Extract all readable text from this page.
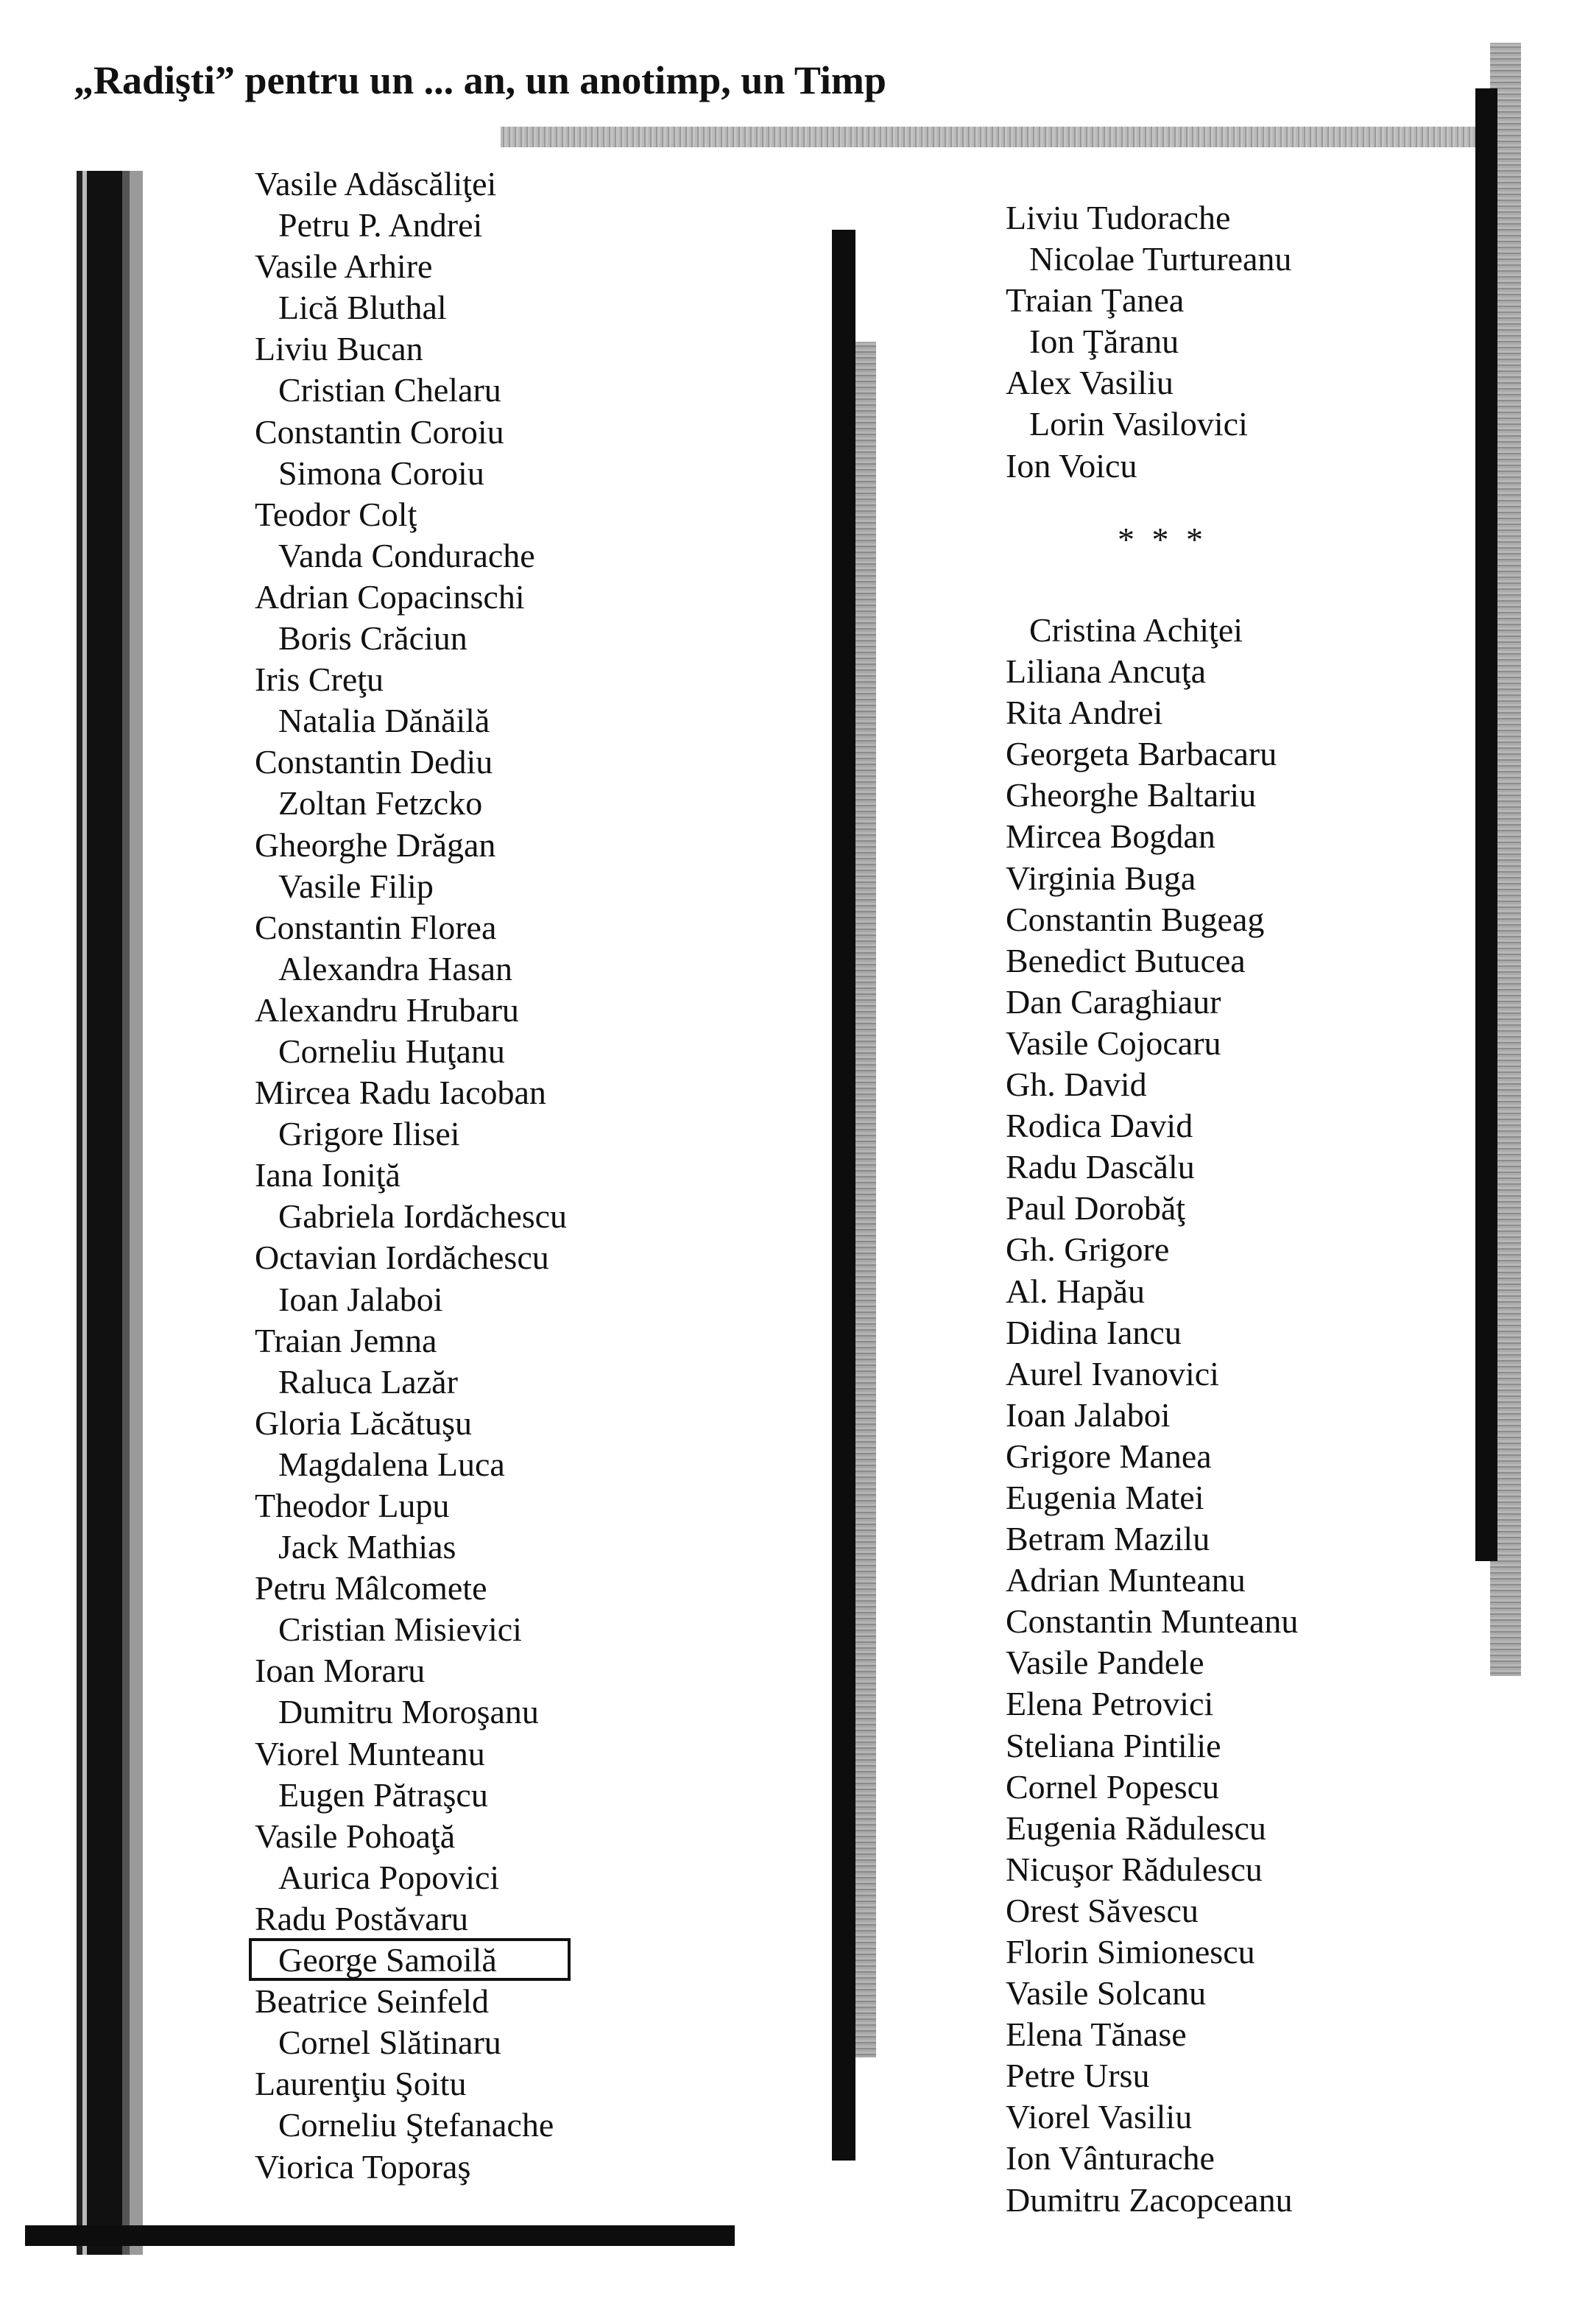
„Radişti” pentru un ... an, un anotimp, un Timp
Vasile Adăscăliţei
Petru P. Andrei
Vasile Arhire
Lică Bluthal
Liviu Bucan
Cristian Chelaru
Constantin Coroiu
Simona Coroiu
Teodor Colţ
Vanda Condurache
Adrian Copacinschi
Boris Crăciun
Iris Creţu
Natalia Dănăilă
Constantin Dediu
Zoltan Fetzcko
Gheorghe Drăgan
Vasile Filip
Constantin Florea
Alexandra Hasan
Alexandru Hrubaru
Corneliu Huţanu
Mircea Radu Iacoban
Grigore Ilisei
Iana Ioniţă
Gabriela Iordăchescu
Octavian Iordăchescu
Ioan Jalaboi
Traian Jemna
Raluca Lazăr
Gloria Lăcătuşu
Magdalena Luca
Theodor Lupu
Jack Mathias
Petru Mâlcomete
Cristian Misievici
Ioan Moraru
Dumitru Moroşanu
Viorel Munteanu
Eugen Pătraşcu
Vasile Pohoaţă
Aurica Popovici
Radu Postăvaru
George Samoilă
Beatrice Seinfeld
Cornel Slătinaru
Laurenţiu Şoitu
Corneliu Ştefanache
Viorica Toporaş
Liviu Tudorache
Nicolae Turtureanu
Traian Ţanea
Ion Ţăranu
Alex Vasiliu
Lorin Vasilovici
Ion Voicu
* * *
Cristina Achiţei
Liliana Ancuţa
Rita Andrei
Georgeta Barbacaru
Gheorghe Baltariu
Mircea Bogdan
Virginia Buga
Constantin Bugeag
Benedict Butucea
Dan Caraghiaur
Vasile Cojocaru
Gh. David
Rodica David
Radu Dascălu
Paul Dorobăţ
Gh. Grigore
Al. Hapău
Didina Iancu
Aurel Ivanovici
Ioan Jalaboi
Grigore Manea
Eugenia Matei
Betram Mazilu
Adrian Munteanu
Constantin Munteanu
Vasile Pandele
Elena Petrovici
Steliana Pintilie
Cornel Popescu
Eugenia Rădulescu
Nicuşor Rădulescu
Orest Săvescu
Florin Simionescu
Vasile Solcanu
Elena Tănase
Petre Ursu
Viorel Vasiliu
Ion Vânturache
Dumitru Zacopceanu
